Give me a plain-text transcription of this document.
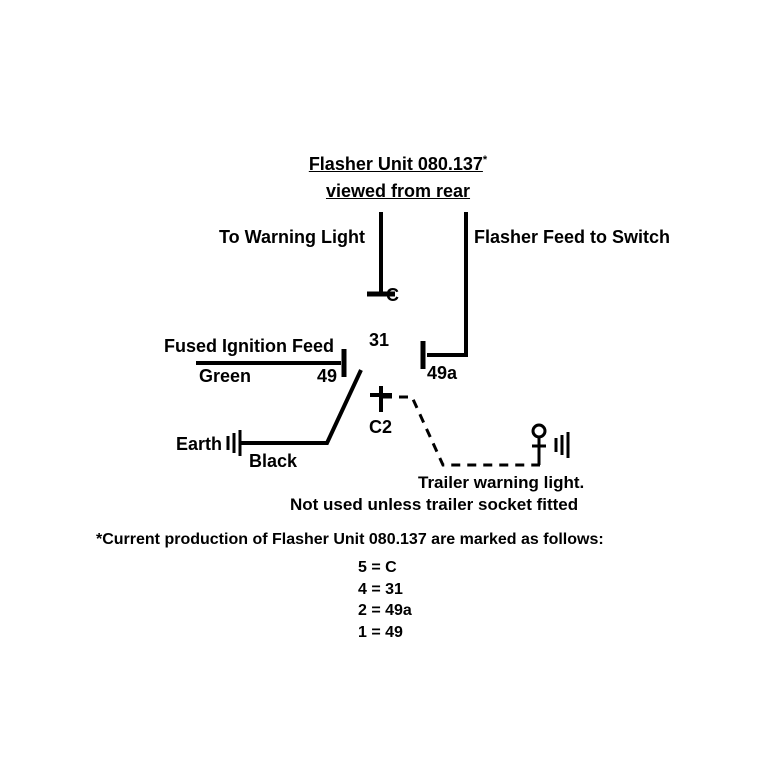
Flasher Unit 080.137*

viewed from rear

To Warning Light	Flasher Feed to Switch
C
31
Fused Ignition Feed
Green	49	49a
C2
Earth
Black
Trailer warning light.
Not used unless trailer socket fitted
*Current production of Flasher Unit 080.137 are marked as follows:
5 = C
4 = 31
2 = 49a
1 = 49
